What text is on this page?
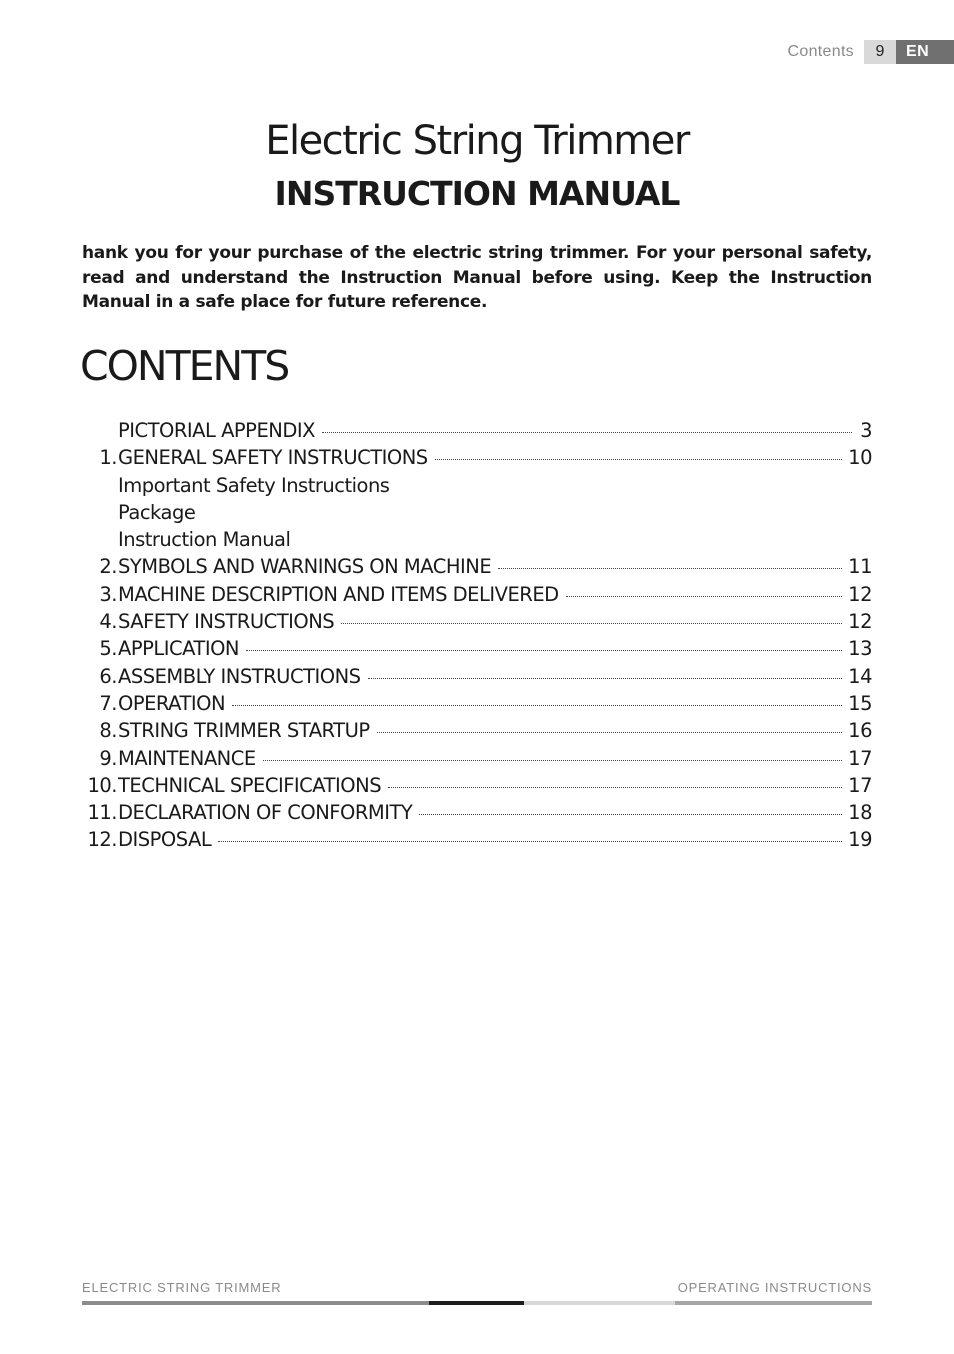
Contents	9	EN
Electric String Trimmer
INSTRUCTION MANUAL

hank you for your purchase of the electric string trimmer. For your personal safety, read and understand the Instruction Manual before using. Keep the Instruction Manual in a safe place for future reference.

CONTENTS
PICTORIAL APPENDIX	3
1. GENERAL SAFETY INSTRUCTIONS	10
Important Safety Instructions
Package
Instruction Manual
2. SYMBOLS AND WARNINGS ON MACHINE	11
3. MACHINE DESCRIPTION AND ITEMS DELIVERED	12
4. SAFETY INSTRUCTIONS	12
5. APPLICATION	13
6. ASSEMBLY INSTRUCTIONS	14
7. OPERATION	15
8. STRING TRIMMER STARTUP	16
9. MAINTENANCE	17
10. TECHNICAL SPECIFICATIONS	17
11. DECLARATION OF CONFORMITY	18
12. DISPOSAL	19
ELECTRIC STRING TRIMMER	OPERATING INSTRUCTIONS
